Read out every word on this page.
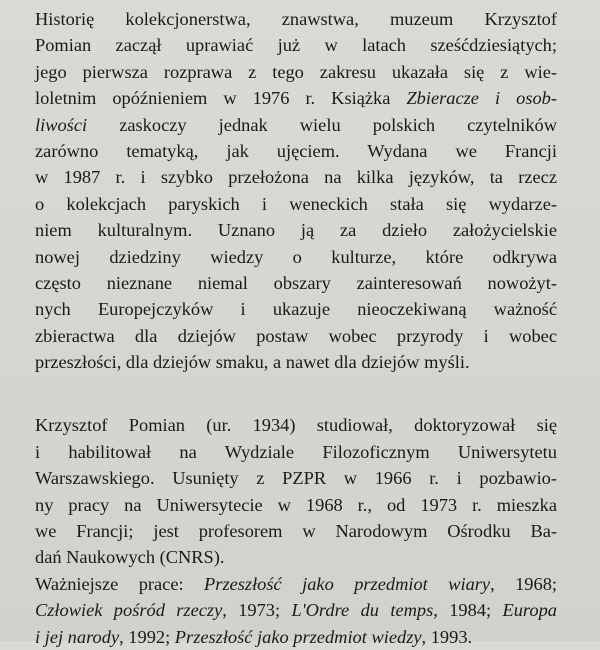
Historię kolekcjonerstwa, znawstwa, muzeum Krzysztof
Pomian zaczął uprawiać już w latach sześćdziesiątych;
jego pierwsza rozprawa z tego zakresu ukazała się z wie-
loletnim opóźnieniem w 1976 r. Książka Zbieracze i osob-
liwości zaskoczy jednak wielu polskich czytelników
zarówno tematyką, jak ujęciem. Wydana we Francji
w 1987 r. i szybko przełożona na kilka języków, ta rzecz
o kolekcjach paryskich i weneckich stała się wydarze-
niem kulturalnym. Uznano ją za dzieło założycielskie
nowej dziedziny wiedzy o kulturze, które odkrywa
często nieznane niemal obszary zainteresowań nowożyt-
nych Europejczyków i ukazuje nieoczekiwaną ważność
zbieractwa dla dziejów postaw wobec przyrody i wobec
przeszłości, dla dziejów smaku, a nawet dla dziejów myśli.
Krzysztof Pomian (ur. 1934) studiował, doktoryzował się
i habilitował na Wydziale Filozoficznym Uniwersytetu
Warszawskiego. Usunięty z PZPR w 1966 r. i pozbawio-
ny pracy na Uniwersytecie w 1968 r., od 1973 r. mieszka
we Francji; jest profesorem w Narodowym Ośrodku Ba-
dań Naukowych (CNRS).
Ważniejsze prace: Przeszłość jako przedmiot wiary, 1968;
Człowiek pośród rzeczy, 1973; L'Ordre du temps, 1984; Europa
i jej narody, 1992; Przeszłość jako przedmiot wiedzy, 1993.
